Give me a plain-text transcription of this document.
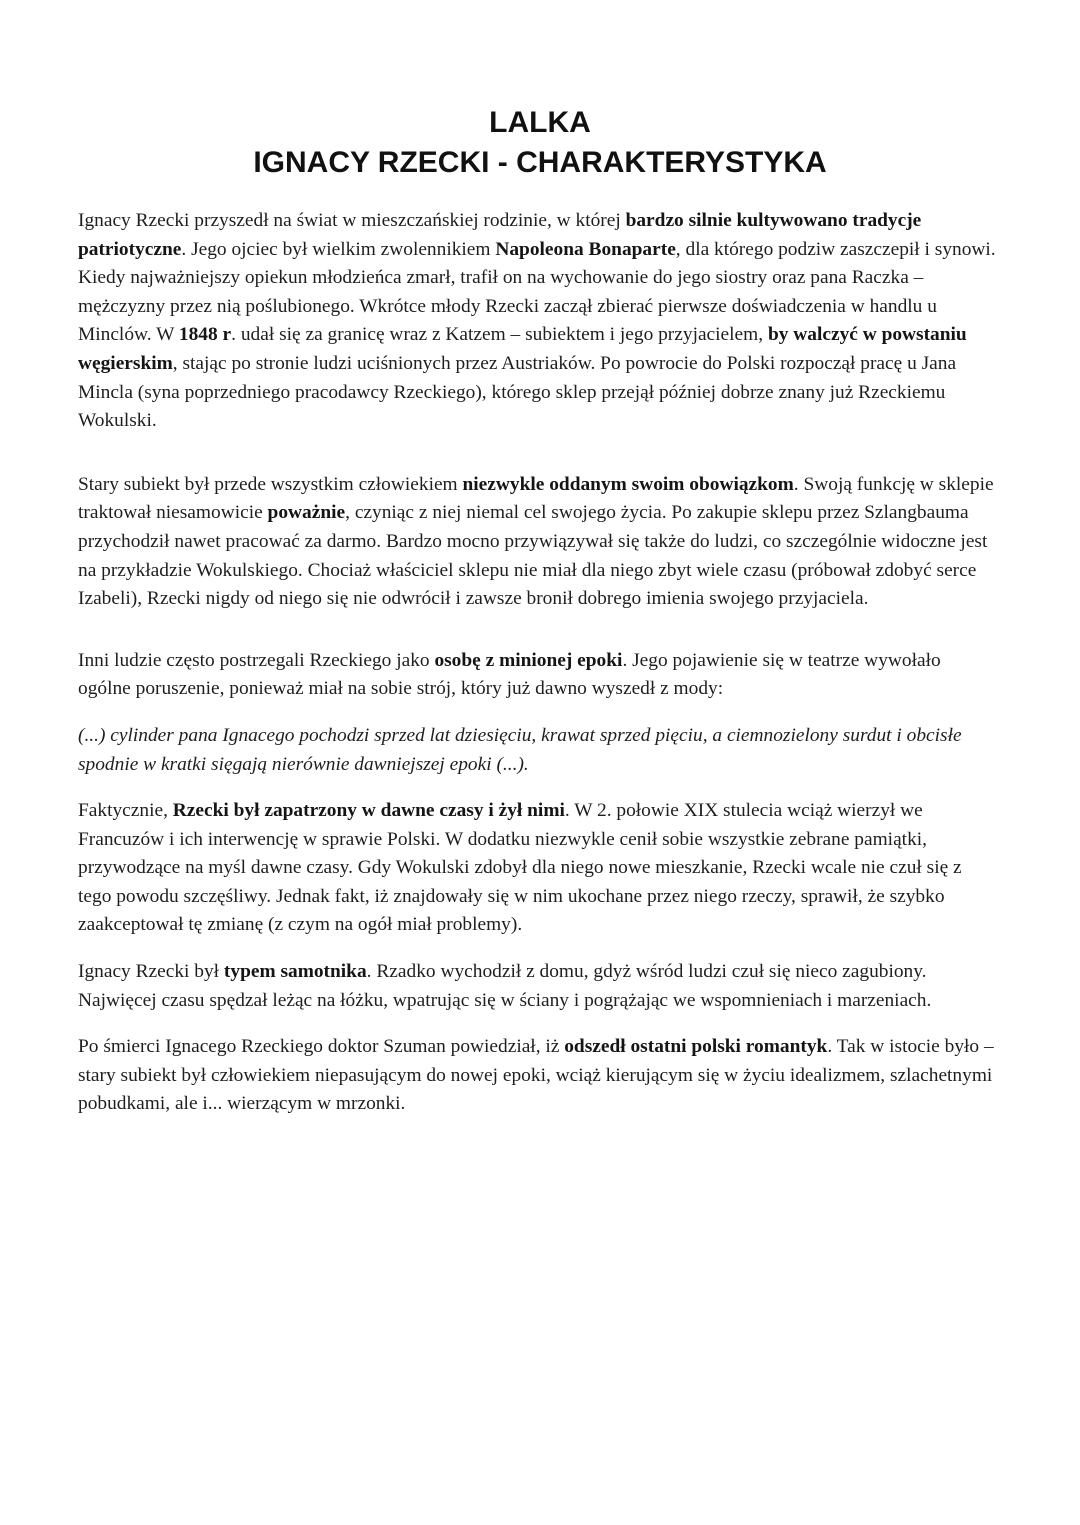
LALKA
IGNACY RZECKI - CHARAKTERYSTYKA

Ignacy Rzecki przyszedł na świat w mieszczańskiej rodzinie, w której bardzo silnie kultywowano tradycje patriotyczne. Jego ojciec był wielkim zwolennikiem Napoleona Bonaparte, dla którego podziw zaszczepił i synowi. Kiedy najważniejszy opiekun młodzieńca zmarł, trafił on na wychowanie do jego siostry oraz pana Raczka – mężczyzny przez nią poślubionego. Wkrótce młody Rzecki zaczął zbierać pierwsze doświadczenia w handlu u Minclów. W 1848 r. udał się za granicę wraz z Katzem – subiektem i jego przyjacielem, by walczyć w powstaniu węgierskim, stając po stronie ludzi uciśnionych przez Austriaków. Po powrocie do Polski rozpoczął pracę u Jana Mincla (syna poprzedniego pracodawcy Rzeckiego), którego sklep przejął później dobrze znany już Rzeckiemu Wokulski.

Stary subiekt był przede wszystkim człowiekiem niezwykle oddanym swoim obowiązkom. Swoją funkcję w sklepie traktował niesamowicie poważnie, czyniąc z niej niemal cel swojego życia. Po zakupie sklepu przez Szlangbauma przychodził nawet pracować za darmo. Bardzo mocno przywiązywał się także do ludzi, co szczególnie widoczne jest na przykładzie Wokulskiego. Chociaż właściciel sklepu nie miał dla niego zbyt wiele czasu (próbował zdobyć serce Izabeli), Rzecki nigdy od niego się nie odwrócił i zawsze bronił dobrego imienia swojego przyjaciela.

Inni ludzie często postrzegali Rzeckiego jako osobę z minionej epoki. Jego pojawienie się w teatrze wywołało ogólne poruszenie, ponieważ miał na sobie strój, który już dawno wyszedł z mody:

(...) cylinder pana Ignacego pochodzi sprzed lat dziesięciu, krawat sprzed pięciu, a ciemnozielony surdut i obcisłe spodnie w kratki sięgają nierównie dawniejszej epoki (...).

Faktycznie, Rzecki był zapatrzony w dawne czasy i żył nimi. W 2. połowie XIX stulecia wciąż wierzył we Francuzów i ich interwencję w sprawie Polski. W dodatku niezwykle cenił sobie wszystkie zebrane pamiątki, przywodzące na myśl dawne czasy. Gdy Wokulski zdobył dla niego nowe mieszkanie, Rzecki wcale nie czuł się z tego powodu szczęśliwy. Jednak fakt, iż znajdowały się w nim ukochane przez niego rzeczy, sprawił, że szybko zaakceptował tę zmianę (z czym na ogół miał problemy).

Ignacy Rzecki był typem samotnika. Rzadko wychodził z domu, gdyż wśród ludzi czuł się nieco zagubiony. Najwięcej czasu spędzał leżąc na łóżku, wpatrując się w ściany i pogrążając we wspomnieniach i marzeniach.

Po śmierci Ignacego Rzeckiego doktor Szuman powiedział, iż odszedł ostatni polski romantyk. Tak w istocie było – stary subiekt był człowiekiem niepasującym do nowej epoki, wciąż kierującym się w życiu idealizmem, szlachetnymi pobudkami, ale i... wierzącym w mrzonki.
